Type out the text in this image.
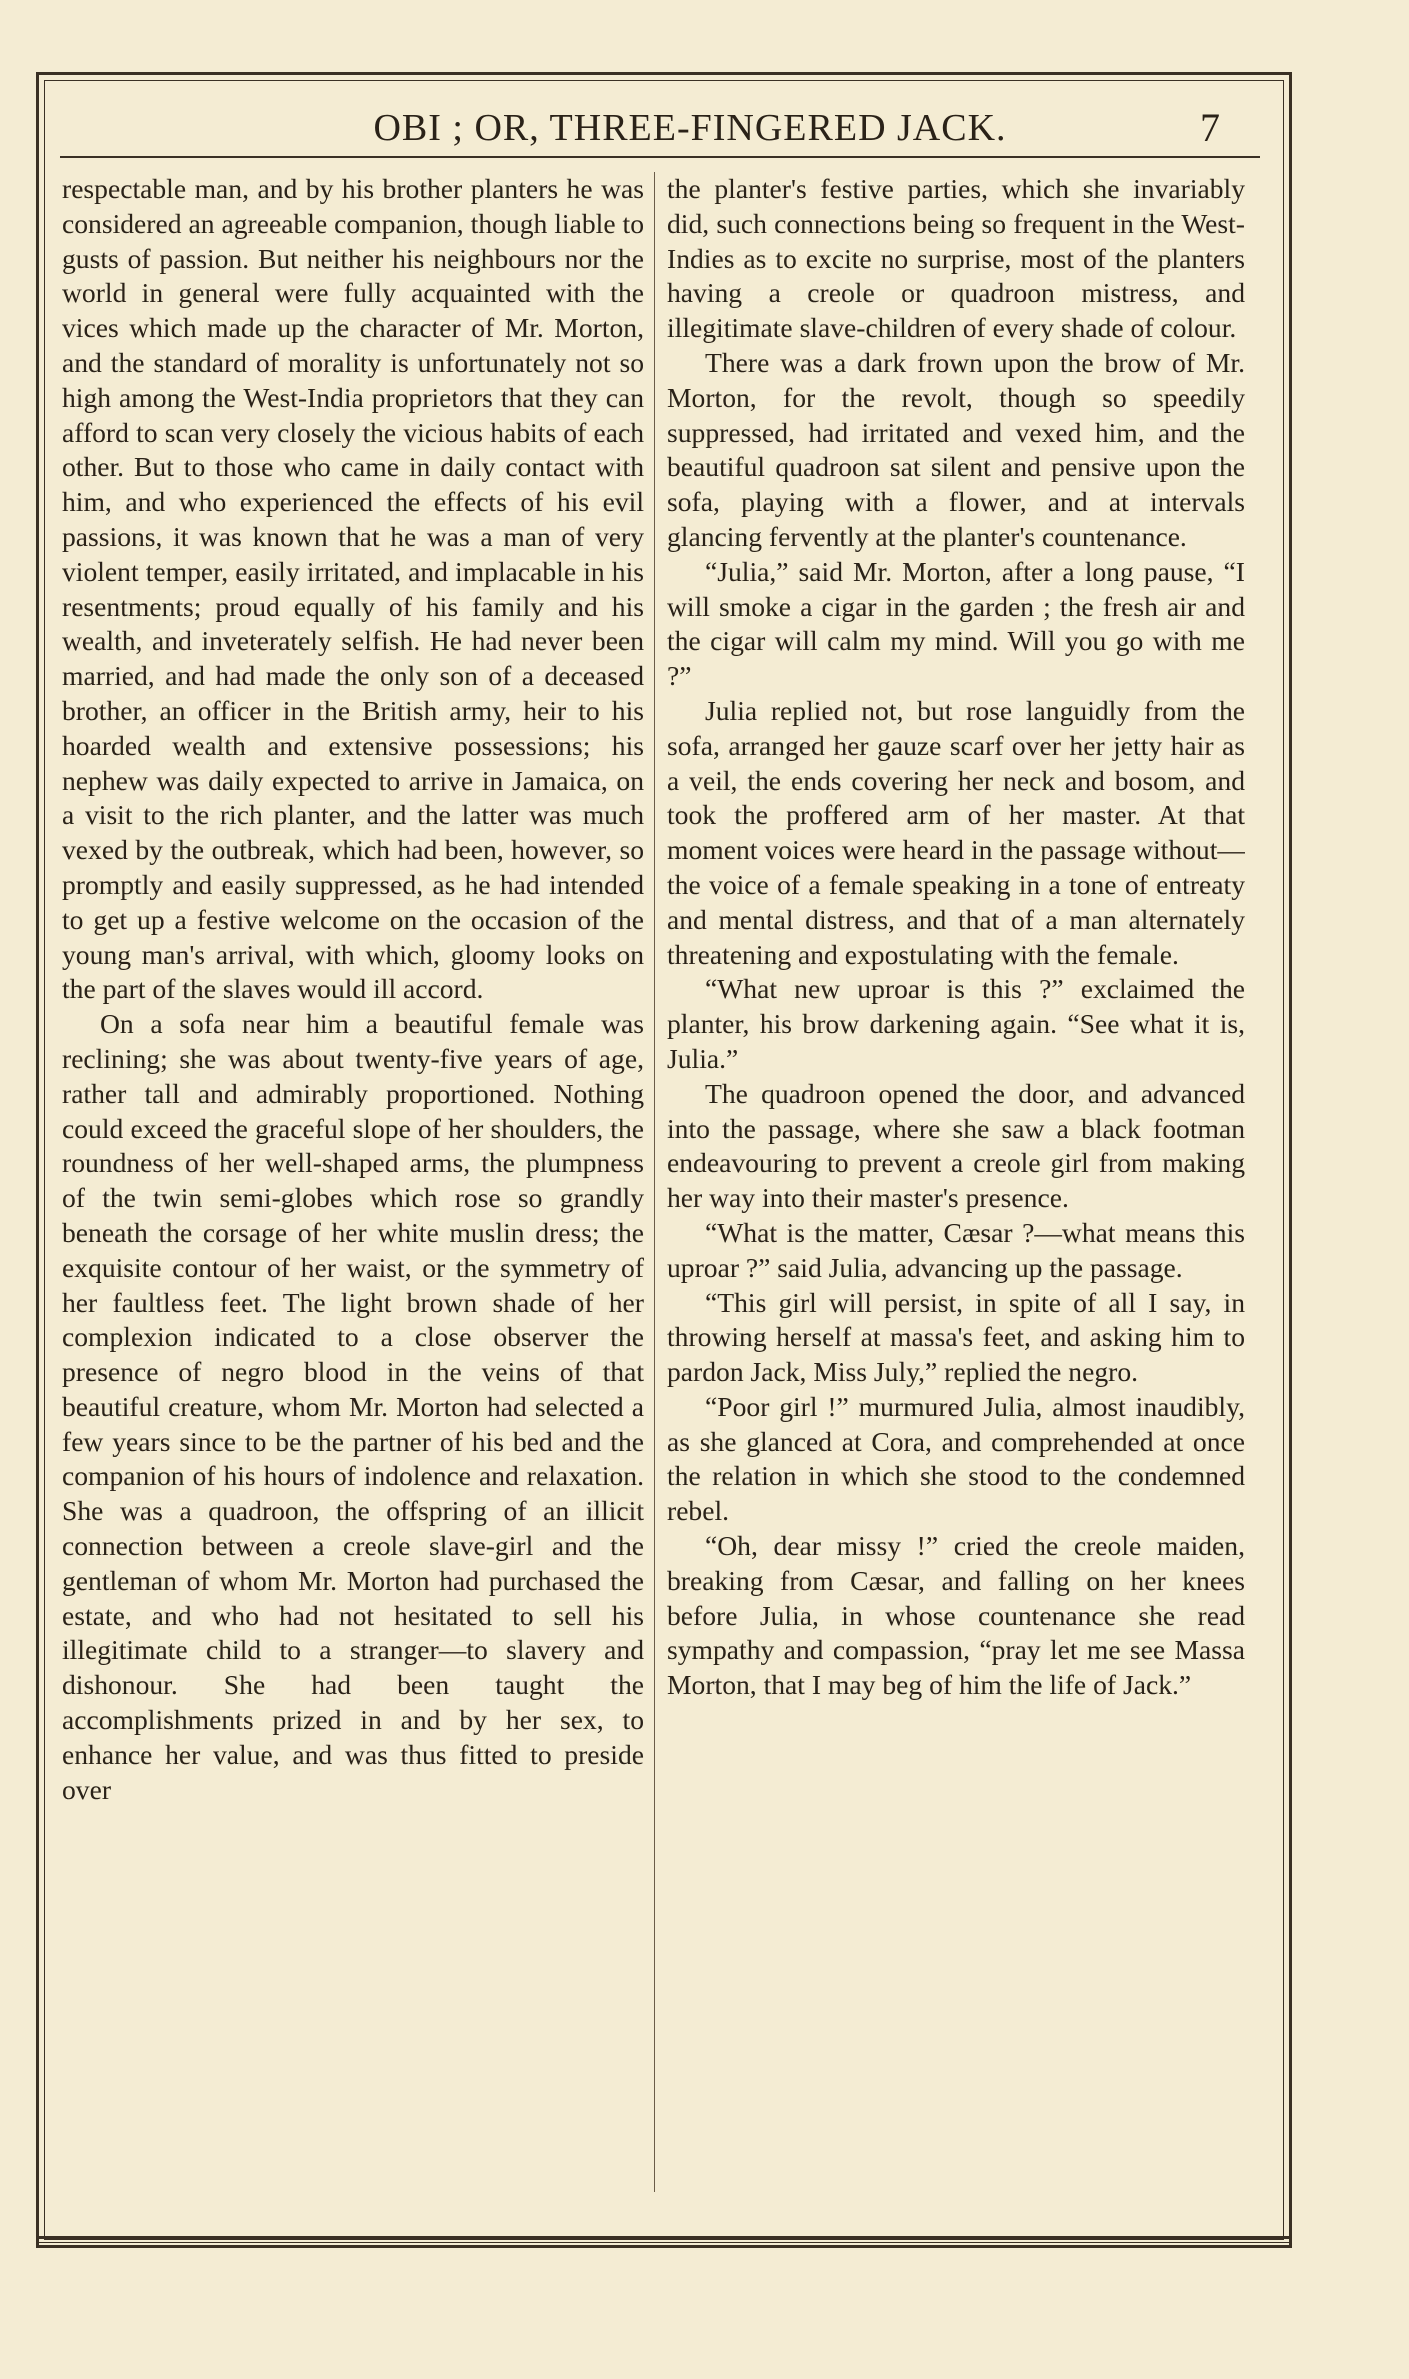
OBI ; OR, THREE-FINGERED JACK.	7

respectable man, and by his brother planters he was considered an agreeable companion, though liable to gusts of passion. But neither his neighbours nor the world in general were fully acquainted with the vices which made up the character of Mr. Morton, and the standard of morality is unfortunately not so high among the West-India proprietors that they can afford to scan very closely the vicious habits of each other. But to those who came in daily contact with him, and who experienced the effects of his evil passions, it was known that he was a man of very violent temper, easily irritated, and implacable in his resentments; proud equally of his family and his wealth, and inveterately selfish. He had never been married, and had made the only son of a deceased brother, an officer in the British army, heir to his hoarded wealth and extensive possessions; his nephew was daily expected to arrive in Jamaica, on a visit to the rich planter, and the latter was much vexed by the outbreak, which had been, however, so promptly and easily suppressed, as he had intended to get up a festive welcome on the occasion of the young man's arrival, with which, gloomy looks on the part of the slaves would ill accord.

On a sofa near him a beautiful female was reclining; she was about twenty-five years of age, rather tall and admirably proportioned. Nothing could exceed the graceful slope of her shoulders, the roundness of her well-shaped arms, the plumpness of the twin semi-globes which rose so grandly beneath the corsage of her white muslin dress; the exquisite contour of her waist, or the symmetry of her faultless feet. The light brown shade of her complexion indicated to a close observer the presence of negro blood in the veins of that beautiful creature, whom Mr. Morton had selected a few years since to be the partner of his bed and the companion of his hours of indolence and relaxation. She was a quadroon, the offspring of an illicit connection between a creole slave-girl and the gentleman of whom Mr. Morton had purchased the estate, and who had not hesitated to sell his illegitimate child to a stranger—to slavery and dishonour. She had been taught the accomplishments prized in and by her sex, to enhance her value, and was thus fitted to preside over

the planter's festive parties, which she invariably did, such connections being so frequent in the West-Indies as to excite no surprise, most of the planters having a creole or quadroon mistress, and illegitimate slave-children of every shade of colour.

There was a dark frown upon the brow of Mr. Morton, for the revolt, though so speedily suppressed, had irritated and vexed him, and the beautiful quadroon sat silent and pensive upon the sofa, playing with a flower, and at intervals glancing fervently at the planter's countenance.

“Julia,” said Mr. Morton, after a long pause, “I will smoke a cigar in the garden ; the fresh air and the cigar will calm my mind. Will you go with me ?”

Julia replied not, but rose languidly from the sofa, arranged her gauze scarf over her jetty hair as a veil, the ends covering her neck and bosom, and took the proffered arm of her master. At that moment voices were heard in the passage without—the voice of a female speaking in a tone of entreaty and mental distress, and that of a man alternately threatening and expostulating with the female.

“What new uproar is this ?” exclaimed the planter, his brow darkening again. “See what it is, Julia.”

The quadroon opened the door, and advanced into the passage, where she saw a black footman endeavouring to prevent a creole girl from making her way into their master's presence.

“What is the matter, Cæsar ?—what means this uproar ?” said Julia, advancing up the passage.

“This girl will persist, in spite of all I say, in throwing herself at massa's feet, and asking him to pardon Jack, Miss July,” replied the negro.

“Poor girl !” murmured Julia, almost inaudibly, as she glanced at Cora, and comprehended at once the relation in which she stood to the condemned rebel.

“Oh, dear missy !” cried the creole maiden, breaking from Cæsar, and falling on her knees before Julia, in whose countenance she read sympathy and compassion, “pray let me see Massa Morton, that I may beg of him the life of Jack.”
